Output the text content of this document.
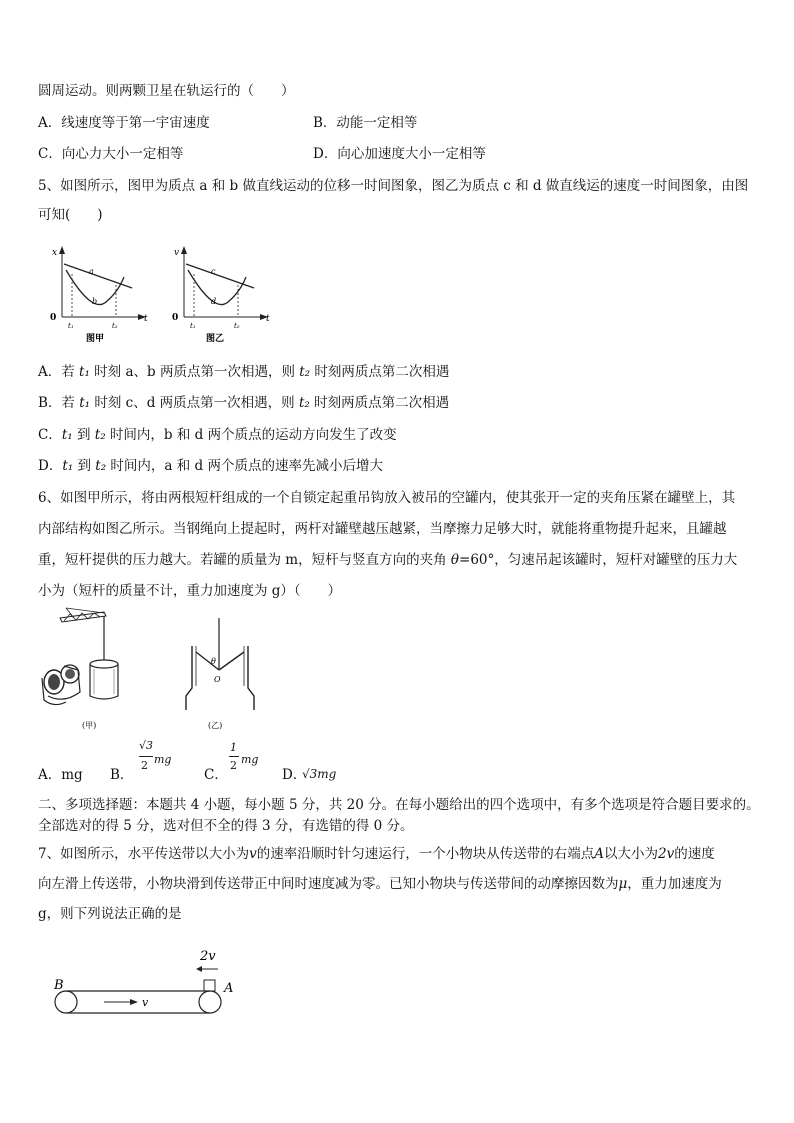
圆周运动。则两颗卫星在轨运行的（　　）
A．线速度等于第一宇宙速度	B．动能一定相等
C．向心力大小一定相等	D．向心加速度大小一定相等
5、如图所示，图甲为质点 a 和 b 做直线运动的位移一时间图象，图乙为质点 c 和 d 做直线运的速度一时间图象，由图
可知(　　)
x
t
0
t₁	t₂
a
b
图甲
v
t
0
t₁	t₂
c
d
图乙
A．若 t₁ 时刻 a、b 两质点第一次相遇，则 t₂ 时刻两质点第二次相遇
B．若 t₁ 时刻 c、d 两质点第一次相遇，则 t₂ 时刻两质点第二次相遇
C．t₁ 到 t₂ 时间内，b 和 d 两个质点的运动方向发生了改变
D．t₁ 到 t₂ 时间内，a 和 d 两个质点的速率先减小后增大
6、如图甲所示，将由两根短杆组成的一个自锁定起重吊钩放入被吊的空罐内，使其张开一定的夹角压紧在罐壁上，其
内部结构如图乙所示。当钢绳向上提起时，两杆对罐壁越压越紧，当摩擦力足够大时，就能将重物提升起来，且罐越
重，短杆提供的压力越大。若罐的质量为 m，短杆与竖直方向的夹角 θ=60°，匀速吊起该罐时，短杆对罐壁的压力大
小为（短杆的质量不计，重力加速度为 g）（　　）
(甲)
θ
O
(乙)
A．mg B．
√3
2 mg
C．
1
2 mg
D．
√3mg
二、多项选择题：本题共 4 小题，每小题 5 分，共 20 分。在每小题给出的四个选项中，有多个选项是符合题目要求的。
全部选对的得 5 分，选对但不全的得 3 分，有选错的得 0 分。
7、如图所示，水平传送带以大小为v的速率沿顺时针匀速运行，一个小物块从传送带的右端点A以大小为2v的速度
向左滑上传送带，小物块滑到传送带正中间时速度减为零。已知小物块与传送带间的动摩擦因数为μ，重力加速度为
g，则下列说法正确的是
2v
v
B	A
